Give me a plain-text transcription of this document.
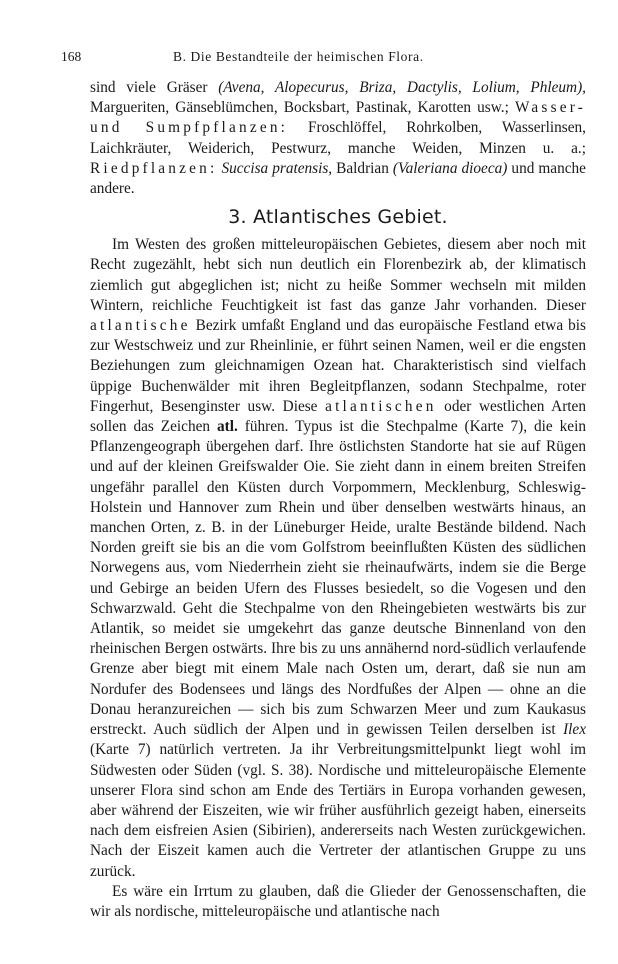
168	B. Die Bestandteile der heimischen Flora.

sind viele Gräser (Avena, Alopecurus, Briza, Dactylis, Lolium, Phleum), Margueriten, Gänseblümchen, Bocksbart, Pastinak, Karotten usw.; Wasser-und Sumpfpflanzen: Froschlöffel, Rohrkolben, Wasserlinsen, Laichkräuter, Weiderich, Pestwurz, manche Weiden, Minzen u. a.; Riedpflanzen: Succisa pratensis, Baldrian (Valeriana dioeca) und manche andere.

3. Atlantisches Gebiet.

Im Westen des großen mitteleuropäischen Gebietes, diesem aber noch mit Recht zugezählt, hebt sich nun deutlich ein Florenbezirk ab, der klimatisch ziemlich gut abgeglichen ist; nicht zu heiße Sommer wechseln mit milden Wintern, reichliche Feuchtigkeit ist fast das ganze Jahr vorhanden. Dieser atlantische Bezirk umfaßt England und das europäische Festland etwa bis zur Westschweiz und zur Rheinlinie, er führt seinen Namen, weil er die engsten Beziehungen zum gleichnamigen Ozean hat. Charakteristisch sind vielfach üppige Buchenwälder mit ihren Begleitpflanzen, sodann Stechpalme, roter Fingerhut, Besenginster usw. Diese atlantischen oder westlichen Arten sollen das Zeichen atl. führen. Typus ist die Stechpalme (Karte 7), die kein Pflanzengeograph übergehen darf. Ihre östlichsten Standorte hat sie auf Rügen und auf der kleinen Greifswalder Oie. Sie zieht dann in einem breiten Streifen ungefähr parallel den Küsten durch Vorpommern, Mecklenburg, Schleswig-Holstein und Hannover zum Rhein und über denselben westwärts hinaus, an manchen Orten, z. B. in der Lüneburger Heide, uralte Bestände bildend. Nach Norden greift sie bis an die vom Golfstrom beeinflußten Küsten des südlichen Norwegens aus, vom Niederrhein zieht sie rheinaufwärts, indem sie die Berge und Gebirge an beiden Ufern des Flusses besiedelt, so die Vogesen und den Schwarzwald. Geht die Stechpalme von den Rheingebieten westwärts bis zur Atlantik, so meidet sie umgekehrt das ganze deutsche Binnenland von den rheinischen Bergen ostwärts. Ihre bis zu uns annähernd nord-südlich verlaufende Grenze aber biegt mit einem Male nach Osten um, derart, daß sie nun am Nordufer des Bodensees und längs des Nordfußes der Alpen — ohne an die Donau heranzureichen — sich bis zum Schwarzen Meer und zum Kaukasus erstreckt. Auch südlich der Alpen und in gewissen Teilen derselben ist Ilex (Karte 7) natürlich vertreten. Ja ihr Verbreitungsmittelpunkt liegt wohl im Südwesten oder Süden (vgl. S. 38). Nordische und mitteleuropäische Elemente unserer Flora sind schon am Ende des Tertiärs in Europa vorhanden gewesen, aber während der Eiszeiten, wie wir früher ausführlich gezeigt haben, einerseits nach dem eisfreien Asien (Sibirien), andererseits nach Westen zurückgewichen. Nach der Eiszeit kamen auch die Vertreter der atlantischen Gruppe zu uns zurück.

Es wäre ein Irrtum zu glauben, daß die Glieder der Genossenschaften, die wir als nordische, mitteleuropäische und atlantische nach
